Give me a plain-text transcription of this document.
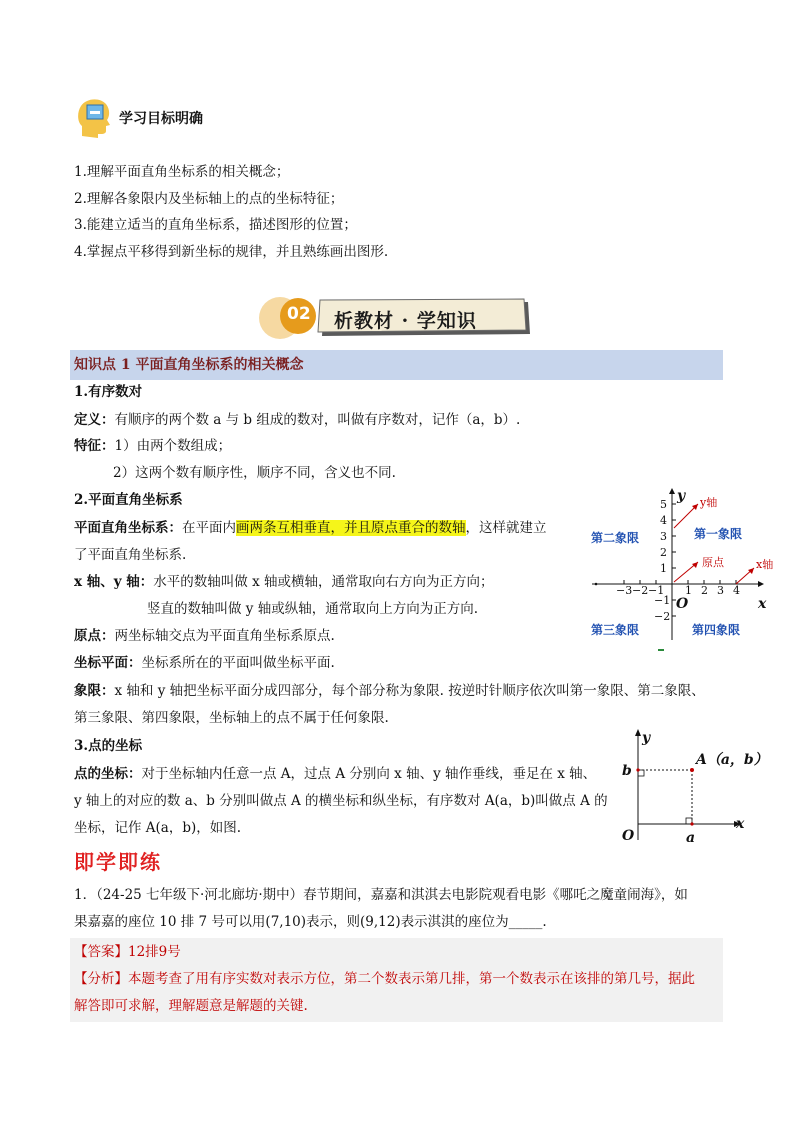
学习目标明确
1.理解平面直角坐标系的相关概念；
2.理解各象限内及坐标轴上的点的坐标特征；
3.能建立适当的直角坐标系，描述图形的位置；
4.掌握点平移得到新坐标的规律，并且熟练画出图形.
02 析教材 · 学知识
知识点 1 平面直角坐标系的相关概念
1.有序数对
定义：有顺序的两个数 a 与 b 组成的数对，叫做有序数对，记作（a，b）.
特征：1）由两个数组成；
2）这两个数有顺序性，顺序不同，含义也不同.
2.平面直角坐标系
平面直角坐标系：在平面内画两条互相垂直，并且原点重合的数轴，这样就建立
了平面直角坐标系.
x 轴、y 轴：水平的数轴叫做 x 轴或横轴，通常取向右方向为正方向；
竖直的数轴叫做 y 轴或纵轴，通常取向上方向为正方向.
原点：两坐标轴交点为平面直角坐标系原点.
坐标平面：坐标系所在的平面叫做坐标平面.
象限：x 轴和 y 轴把坐标平面分成四部分，每个部分称为象限. 按逆时针顺序依次叫第一象限、第二象限、
第三象限、第四象限，坐标轴上的点不属于任何象限.
1 2 3 4
−3 −2 −1
1
2
3
4
5
−1
−2
y
x
O
y轴
原点	x轴
第二象限	第一象限
第三象限	第四象限
3.点的坐标
点的坐标：对于坐标轴内任意一点 A，过点 A 分别向 x 轴、y 轴作垂线，垂足在 x 轴、
y 轴上的对应的数 a、b 分别叫做点 A 的横坐标和纵坐标，有序数对 A(a，b)叫做点 A 的
坐标，记作 A(a，b)，如图.
y
x
O
b
a
A（a，b）
即学即练
1．（24-25 七年级下·河北廊坊·期中）春节期间，嘉嘉和淇淇去电影院观看电影《哪吒之魔童闹海》，如
果嘉嘉的座位 10 排 7 号可以用(7,10)表示，则(9,12)表示淇淇的座位为_____.
【答案】12排9号
【分析】本题考查了用有序实数对表示方位，第二个数表示第几排，第一个数表示在该排的第几号，据此
解答即可求解，理解题意是解题的关键.
